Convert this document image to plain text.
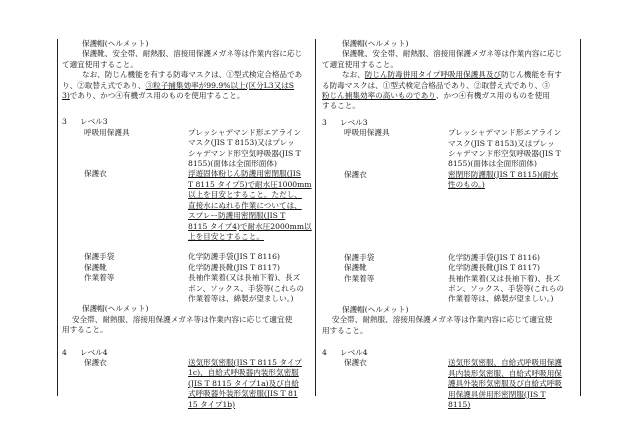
保護帽(ヘルメット)
保護靴、安全帯、耐熱服、溶接用保護メガネ等は作業内容に応じ
て適宜使用すること。
なお、防じん機能を有する防毒マスクは、①型式検定合格品であ
り、②取替え式であり、③粒子捕集効率が99.9%以上(区分L3又はS
3)であり、かつ④有機ガス用のものを使用すること。
3	レベル3
呼吸用保護具	プレッシャデマンド形エアライン
マスク(JIS T 8153)又はプレッ
シャデマンド形空気呼吸器(JIS T
8155)(面体は全面形面体)
保護衣	浮遊固体粉じん防護用密閉服(JIS
T 8115 タイプ5)で耐水圧1000mm
以上を目安とすること。ただし、
直接水にぬれる作業については、
スプレー防護用密閉服(JIS T
8115 タイプ4)で耐水圧2000mm以
上を目安とすること。
保護手袋	化学防護手袋(JIS T 8116)
保護靴	化学防護長靴(JIS T 8117)
作業着等	長袖作業着(又は長袖下着)、長ズ
ボン、ソックス、手袋等(これらの
作業着等は、綿製が望ましい。)
保護帽(ヘルメット)
安全帯、耐熱服、溶接用保護メガネ等は作業内容に応じて適宜使
用すること。
4	レベル4
保護衣	送気形気密服(JIS T 8115 タイプ
1c)、自給式呼吸器内装形気密服
(JIS T 8115 タイプ1a)及び自給
式呼吸器外装形気密服(JIS T 81
15 タイプ1b)
保護帽(ヘルメット)
保護靴、安全帯、耐熱服、溶接用保護メガネ等は作業内容に応じ
て適宜使用すること。
なお、防じん防毒併用タイプ呼吸用保護具及び防じん機能を有す
る防毒マスクは、①型式検定合格品であり、②取替え式であり、③
粉じん捕集効率の高いものであり、かつ④有機ガス用のものを使用
すること。
3	レベル3
呼吸用保護具	プレッシャデマンド形エアライン
マスク(JIS T 8153)又はプレッ
シャデマンド形空気呼吸器(JIS T
8155)(面体は全面形面体)
保護衣	密閉形防護服(JIS T 8115)(耐水
性のもの。)
保護手袋	化学防護手袋(JIS T 8116)
保護靴	化学防護長靴(JIS T 8117)
作業着等	長袖作業着(又は長袖下着)、長ズ
ボン、ソックス、手袋等(これらの
作業着等は、綿製が望ましい。)
保護帽(ヘルメット)
安全帯、耐熱服、溶接用保護メガネ等は作業内容に応じて適宜使
用すること。
4	レベル4
保護衣	送気形気密服、自給式呼吸用保護
具内装形気密服、自給式呼吸用保
護具外装形気密服及び自給式呼吸
用保護具併用形密閉服(JIS T
8115)
